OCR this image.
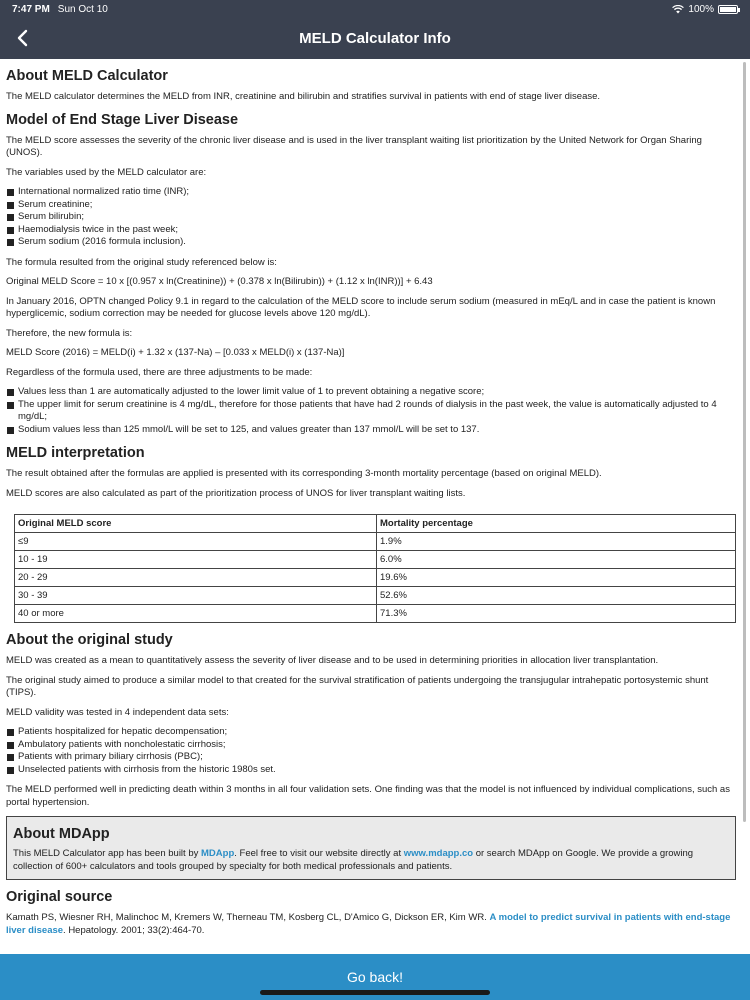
7:47 PM Sun Oct 10	100%
MELD Calculator Info
About MELD Calculator

The MELD calculator determines the MELD from INR, creatinine and bilirubin and stratifies survival in patients with end of stage liver disease.

Model of End Stage Liver Disease

The MELD score assesses the severity of the chronic liver disease and is used in the liver transplant waiting list prioritization by the United Network for Organ Sharing (UNOS).

The variables used by the MELD calculator are:

International normalized ratio time (INR);
Serum creatinine;
Serum bilirubin;
Haemodialysis twice in the past week;
Serum sodium (2016 formula inclusion).

The formula resulted from the original study referenced below is:

Original MELD Score = 10 x [(0.957 x ln(Creatinine)) + (0.378 x ln(Bilirubin)) + (1.12 x ln(INR))] + 6.43

In January 2016, OPTN changed Policy 9.1 in regard to the calculation of the MELD score to include serum sodium (measured in mEq/L and in case the patient is known hyperglicemic, sodium correction may be needed for glucose levels above 120 mg/dL).

Therefore, the new formula is:

MELD Score (2016) = MELD(i) + 1.32 x (137-Na) – [0.033 x MELD(i) x (137-Na)]

Regardless of the formula used, there are three adjustments to be made:

Values less than 1 are automatically adjusted to the lower limit value of 1 to prevent obtaining a negative score;
The upper limit for serum creatinine is 4 mg/dL, therefore for those patients that have had 2 rounds of dialysis in the past week, the value is automatically adjusted to 4 mg/dL;
Sodium values less than 125 mmol/L will be set to 125, and values greater than 137 mmol/L will be set to 137.
MELD interpretation

The result obtained after the formulas are applied is presented with its corresponding 3-month mortality percentage (based on original MELD).

MELD scores are also calculated as part of the prioritization process of UNOS for liver transplant waiting lists.

Original MELD score	Mortality percentage
≤9	1.9%
10 - 19	6.0%
20 - 29	19.6%
30 - 39	52.6%
40 or more	71.3%
About the original study

MELD was created as a mean to quantitatively assess the severity of liver disease and to be used in determining priorities in allocation liver transplantation.

The original study aimed to produce a similar model to that created for the survival stratification of patients undergoing the transjugular intrahepatic portosystemic shunt (TIPS).

MELD validity was tested in 4 independent data sets:

Patients hospitalized for hepatic decompensation;
Ambulatory patients with noncholestatic cirrhosis;
Patients with primary biliary cirrhosis (PBC);
Unselected patients with cirrhosis from the historic 1980s set.

The MELD performed well in predicting death within 3 months in all four validation sets. One finding was that the model is not influenced by individual complications, such as portal hypertension.

About MDApp

This MELD Calculator app has been built by MDApp. Feel free to visit our website directly at www.mdapp.co or search MDApp on Google. We provide a growing collection of 600+ calculators and tools grouped by specialty for both medical professionals and patients.

Original source

Kamath PS, Wiesner RH, Malinchoc M, Kremers W, Therneau TM, Kosberg CL, D'Amico G, Dickson ER, Kim WR. A model to predict survival in patients with end-stage liver disease. Hepatology. 2001; 33(2):464-70.

Go back!
